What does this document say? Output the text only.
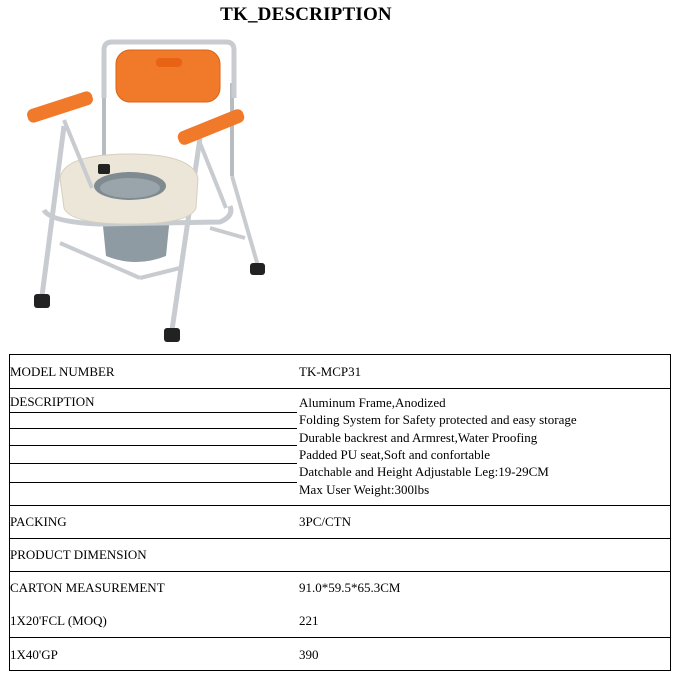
TK_DESCRIPTION
MODEL NUMBER	TK-MCP31
DESCRIPTION	Aluminum Frame,Anodized
Folding System for Safety protected and easy storage
Durable backrest and Armrest,Water Proofing
Padded PU seat,Soft and confortable
Datchable and Height Adjustable Leg:19-29CM
Max User Weight:300lbs
PACKING	3PC/CTN
PRODUCT DIMENSION
CARTON MEASUREMENT	91.0*59.5*65.3CM
1X20'FCL (MOQ)	221
1X40'GP	390
